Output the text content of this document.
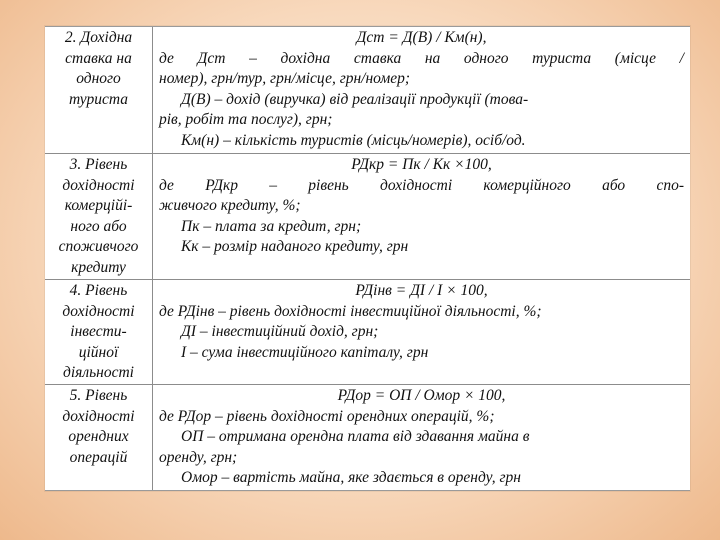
2. Дохідна
ставка на
одного
туриста
Дст = Д(В) / Км(н),
де Дст – дохідна ставка на одного туриста (місце /
номер), грн/тур, грн/місце, грн/номер;
Д(В) – дохід (виручка) від реалізації продукції (това-
рів, робіт та послуг), грн;
Км(н) – кількість туристів (місць/номерів), осіб/од.
3. Рівень
дохідності
комерційі-
ного або
споживчого
кредиту
РДкр = Пк / Кк ×100,
де РДкр – рівень дохідності комерційного або спо-
живчого кредиту, %;
Пк – плата за кредит, грн;
Кк – розмір наданого кредиту, грн
4. Рівень
дохідності
інвести-
ційної
діяльності
РДінв = ДІ / І × 100,
де РДінв – рівень дохідності інвестиційної діяльності, %;
ДІ – інвестиційний дохід, грн;
І – сума інвестиційного капіталу, грн
5. Рівень
дохідності
орендних
операцій
РДор = ОП / Омор × 100,
де РДор – рівень дохідності орендних операцій, %;
ОП – отримана орендна плата від здавання майна в
оренду, грн;
Омор – вартість майна, яке здається в оренду, грн
